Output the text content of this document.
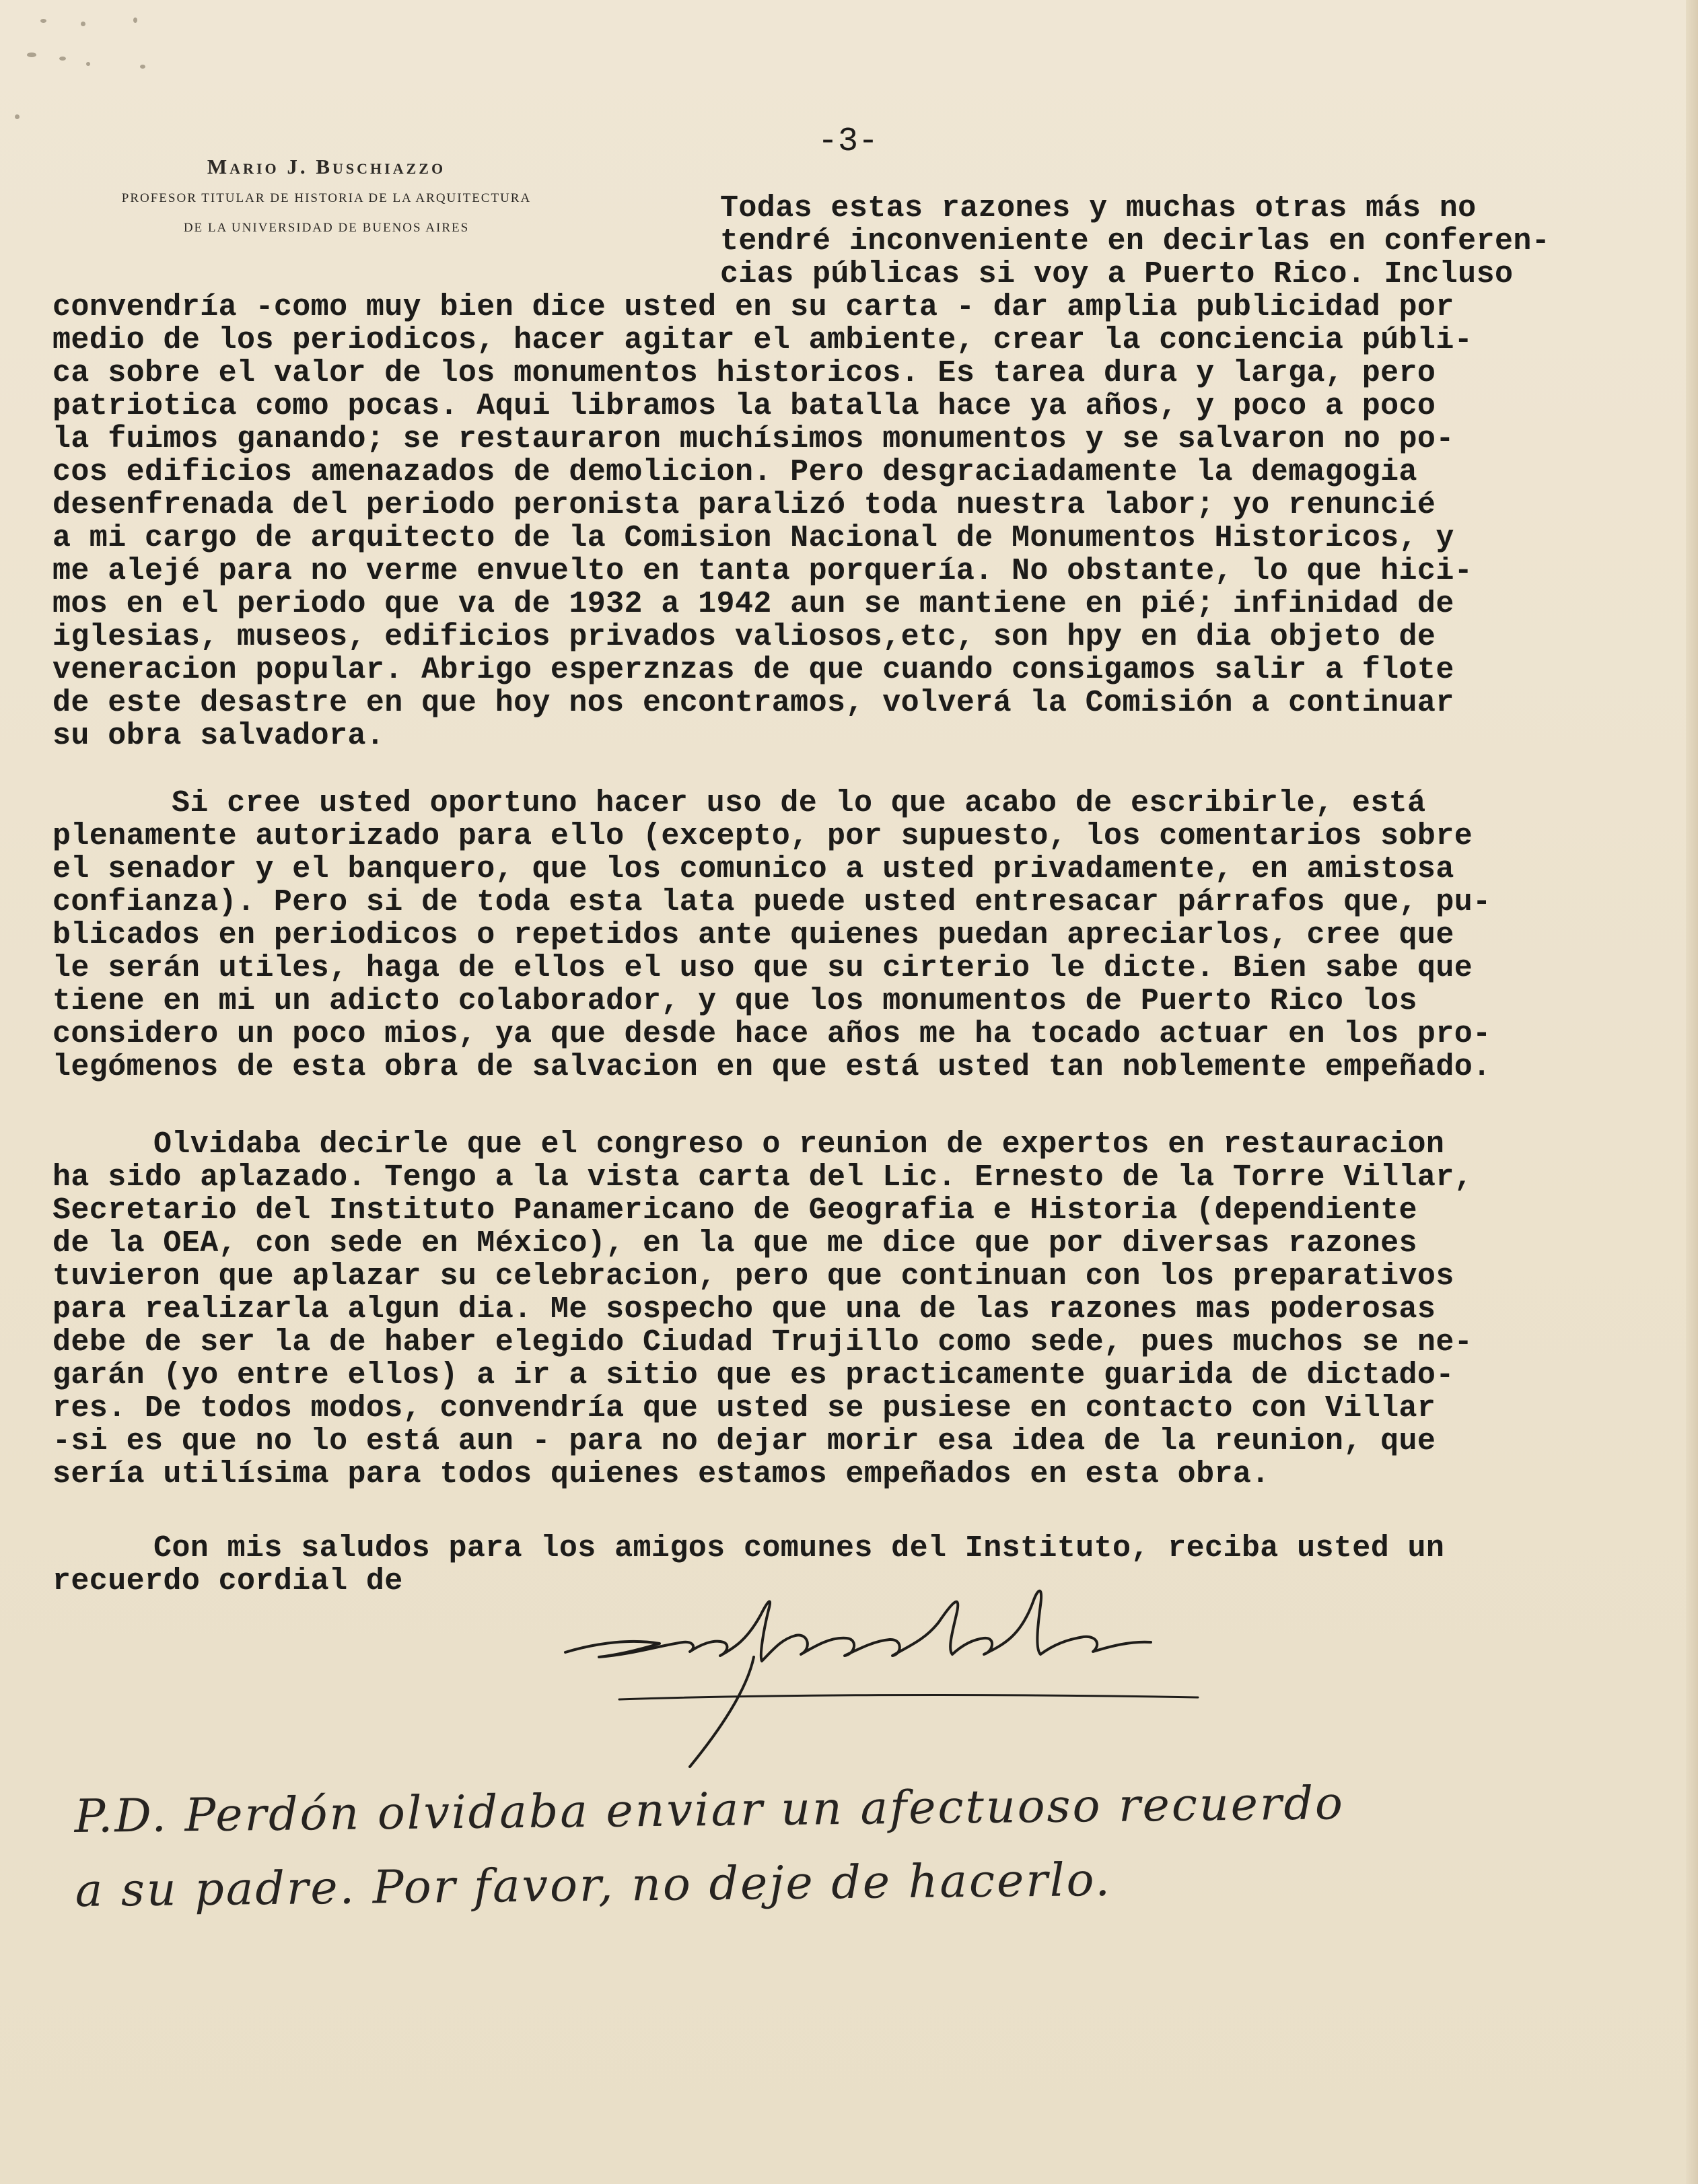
Mario J. Buschiazzo
PROFESOR TITULAR DE HISTORIA DE LA ARQUITECTURA
DE LA UNIVERSIDAD DE BUENOS AIRES
-3-
Todas estas razones y muchas otras más no
tendré inconveniente en decirlas en conferen-
cias públicas si voy a Puerto Rico. Incluso
convendría -como muy bien dice usted en su carta - dar amplia publicidad por
medio de los periodicos, hacer agitar el ambiente, crear la conciencia públi-
ca sobre el valor de los monumentos historicos. Es tarea dura y larga, pero
patriotica como pocas. Aqui libramos la batalla hace ya años, y poco a poco
la fuimos ganando; se restauraron muchísimos monumentos y se salvaron no po-
cos edificios amenazados de demolicion. Pero desgraciadamente la demagogia
desenfrenada del periodo peronista paralizó toda nuestra labor; yo renuncié
a mi cargo de arquitecto de la Comision Nacional de Monumentos Historicos, y
me alejé para no verme envuelto en tanta porquería. No obstante, lo que hici-
mos en el periodo que va de 1932 a 1942 aun se mantiene en pié; infinidad de
iglesias, museos, edificios privados valiosos,etc, son hpy en dia objeto de
veneracion popular. Abrigo esperznzas de que cuando consigamos salir a flote
de este desastre en que hoy nos encontramos, volverá la Comisión a continuar
su obra salvadora.
Si cree usted oportuno hacer uso de lo que acabo de escribirle, está
plenamente autorizado para ello (excepto, por supuesto, los comentarios sobre
el senador y el banquero, que los comunico a usted privadamente, en amistosa
confianza). Pero si de toda esta lata puede usted entresacar párrafos que, pu-
blicados en periodicos o repetidos ante quienes puedan apreciarlos, cree que
le serán utiles, haga de ellos el uso que su cirterio le dicte. Bien sabe que
tiene en mi un adicto colaborador, y que los monumentos de Puerto Rico los
considero un poco mios, ya que desde hace años me ha tocado actuar en los pro-
legómenos de esta obra de salvacion en que está usted tan noblemente empeñado.
Olvidaba decirle que el congreso o reunion de expertos en restauracion
ha sido aplazado. Tengo a la vista carta del Lic. Ernesto de la Torre Villar,
Secretario del Instituto Panamericano de Geografia e Historia (dependiente
de la OEA, con sede en México), en la que me dice que por diversas razones
tuvieron que aplazar su celebracion, pero que continuan con los preparativos
para realizarla algun dia. Me sospecho que una de las razones mas poderosas
debe de ser la de haber elegido Ciudad Trujillo como sede, pues muchos se ne-
garán (yo entre ellos) a ir a sitio que es practicamente guarida de dictado-
res. De todos modos, convendría que usted se pusiese en contacto con Villar
-si es que no lo está aun - para no dejar morir esa idea de la reunion, que
sería utilísima para todos quienes estamos empeñados en esta obra.
Con mis saludos para los amigos comunes del Instituto, reciba usted un
recuerdo cordial de	Mario J. Buschiazzo
P.D. Perdón olvidaba enviar un afectuoso recuerdo
a su padre. Por favor, no deje de hacerlo.
